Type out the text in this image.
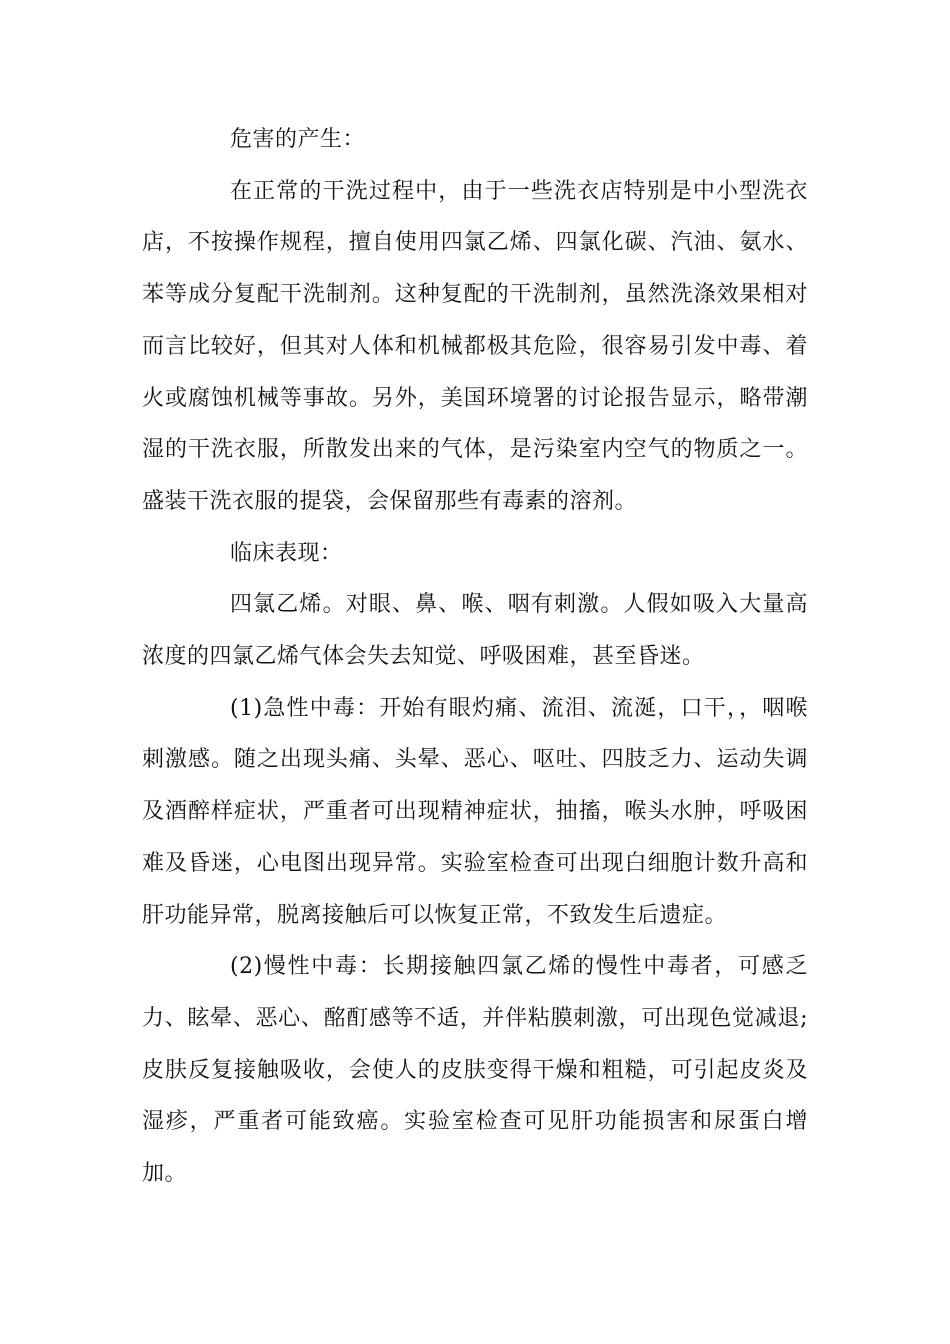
危害的产生：

在正常的干洗过程中，由于一些洗衣店特别是中小型洗衣店，不按操作规程，擅自使用四氯乙烯、四氯化碳、汽油、氨水、苯等成分复配干洗制剂。这种复配的干洗制剂，虽然洗涤效果相对而言比较好，但其对人体和机械都极其危险，很容易引发中毒、着火或腐蚀机械等事故。另外，美国环境署的讨论报告显示，略带潮湿的干洗衣服，所散发出来的气体，是污染室内空气的物质之一。盛装干洗衣服的提袋，会保留那些有毒素的溶剂。

临床表现：

四氯乙烯。对眼、鼻、喉、咽有刺激。人假如吸入大量高浓度的四氯乙烯气体会失去知觉、呼吸困难，甚至昏迷。

(1)急性中毒：开始有眼灼痛、流泪、流涎，口干，，咽喉刺激感。随之出现头痛、头晕、恶心、呕吐、四肢乏力、运动失调及酒醉样症状，严重者可出现精神症状，抽搐，喉头水肿，呼吸困难及昏迷，心电图出现异常。实验室检查可出现白细胞计数升高和肝功能异常，脱离接触后可以恢复正常，不致发生后遗症。

(2)慢性中毒：长期接触四氯乙烯的慢性中毒者，可感乏力、眩晕、恶心、酩酊感等不适，并伴粘膜刺激，可出现色觉减退;皮肤反复接触吸收，会使人的皮肤变得干燥和粗糙，可引起皮炎及湿疹，严重者可能致癌。实验室检查可见肝功能损害和尿蛋白增加。
